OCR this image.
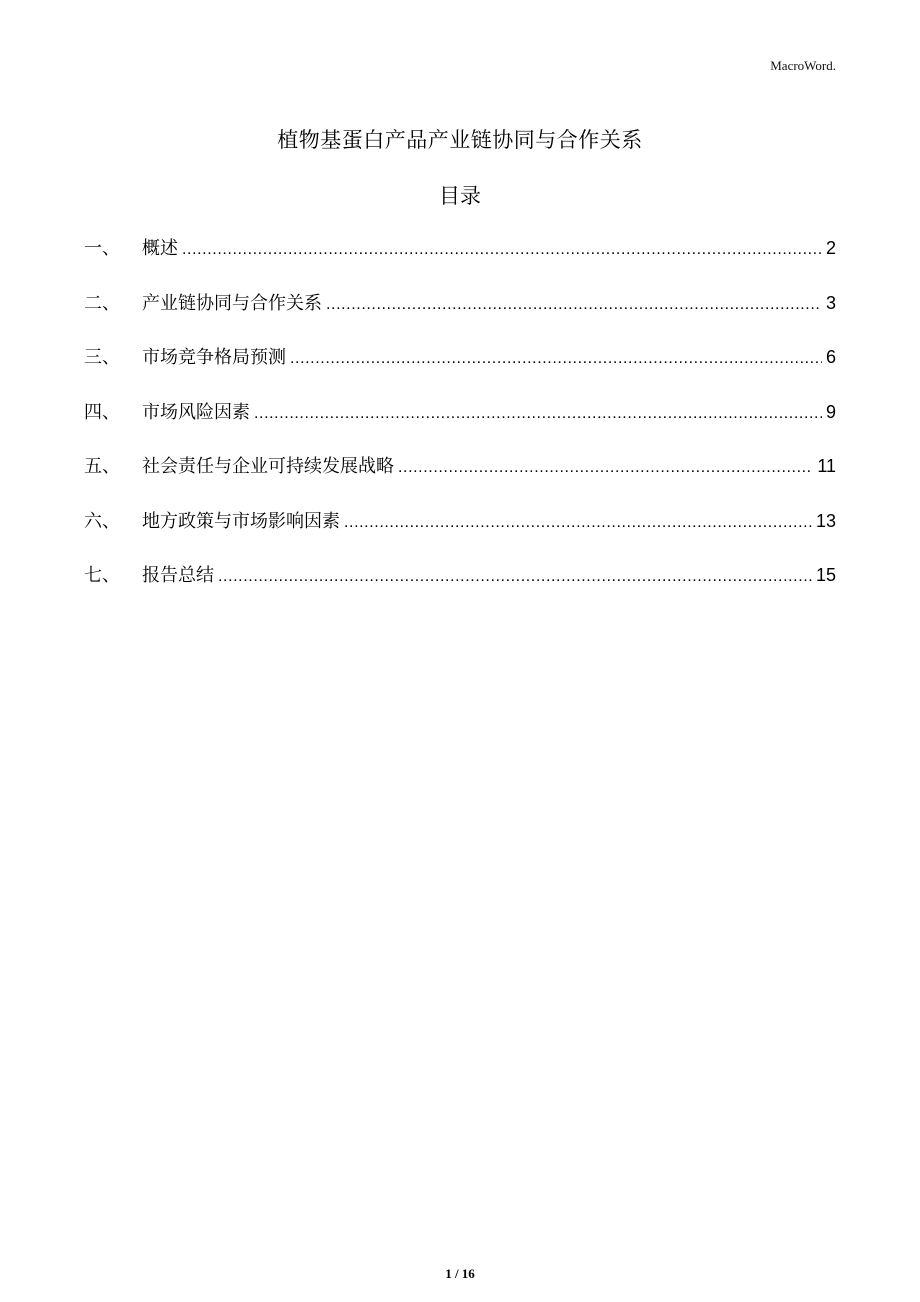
MacroWord.
植物基蛋白产品产业链协同与合作关系
目录
一、	概述 .....	2
二、	产业链协同与合作关系 .....	3
三、	市场竞争格局预测 .....	6
四、	市场风险因素 .....	9
五、	社会责任与企业可持续发展战略 .....	11
六、	地方政策与市场影响因素 .....	13
七、	报告总结 .....	15
1 / 16
